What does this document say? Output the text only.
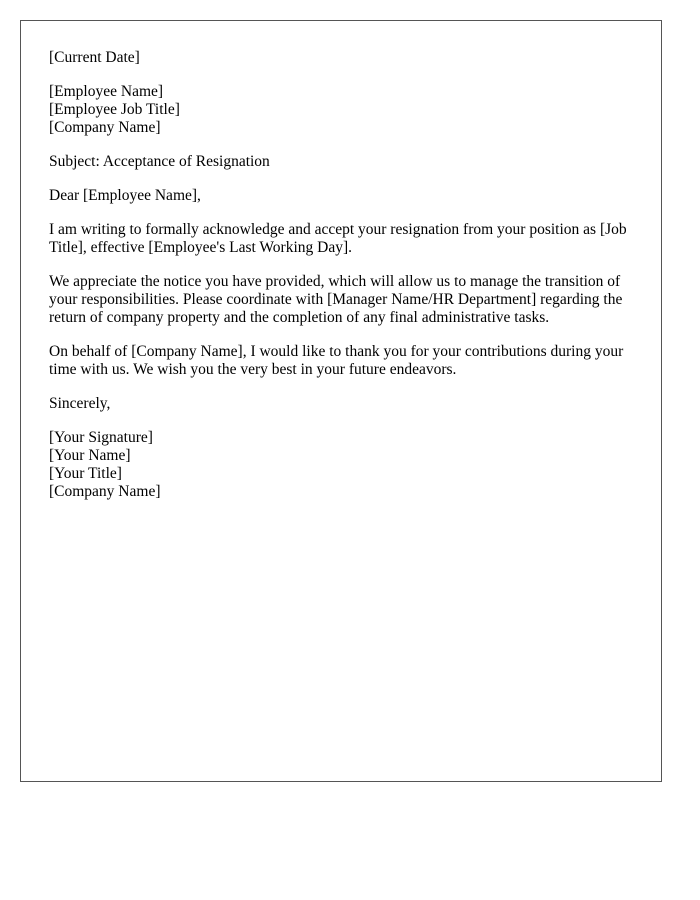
[Current Date]
[Employee Name]
[Employee Job Title]
[Company Name]
Subject: Acceptance of Resignation
Dear [Employee Name],

I am writing to formally acknowledge and accept your resignation from your position as [Job Title], effective [Employee's Last Working Day].

We appreciate the notice you have provided, which will allow us to manage the transition of your responsibilities. Please coordinate with [Manager Name/HR Department] regarding the return of company property and the completion of any final administrative tasks.

On behalf of [Company Name], I would like to thank you for your contributions during your time with us. We wish you the very best in your future endeavors.

Sincerely,
[Your Signature]
[Your Name]
[Your Title]
[Company Name]
